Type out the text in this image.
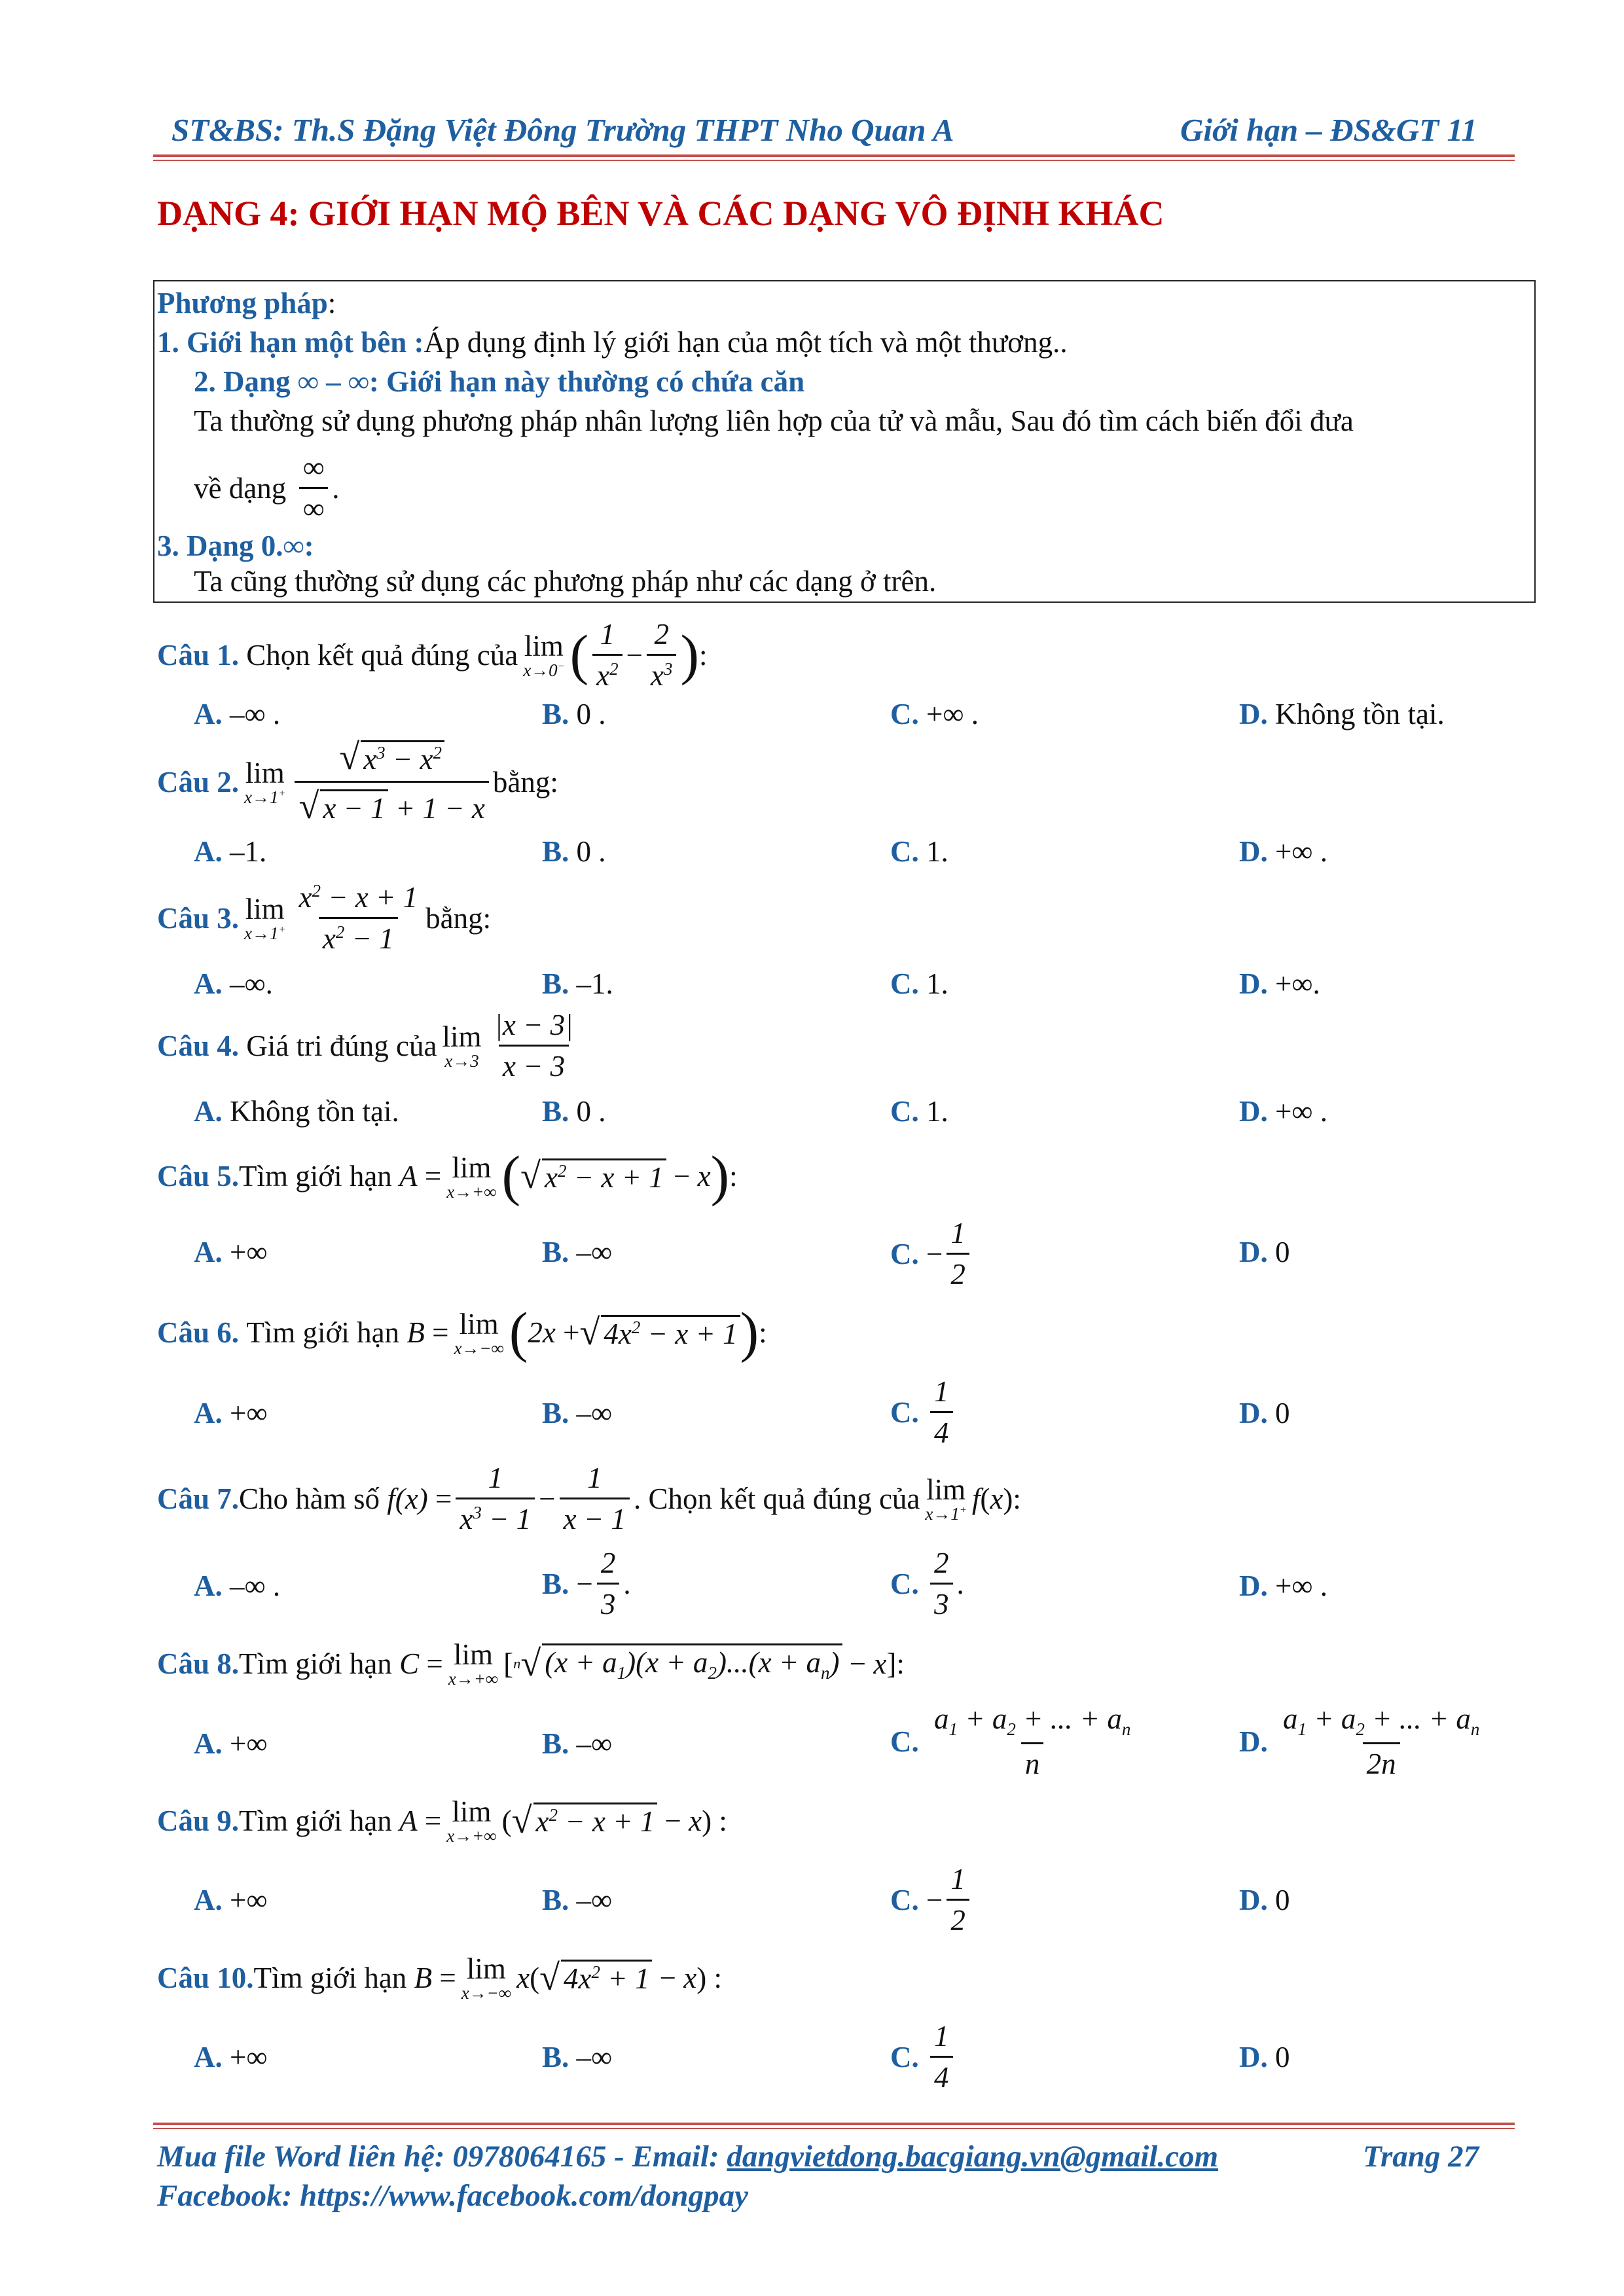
ST&BS: Th.S Đặng Việt Đông Trường THPT Nho Quan A	Giới hạn – ĐS&GT 11
DẠNG 4: GIỚI HẠN MỘ BÊN VÀ CÁC DẠNG VÔ ĐỊNH KHÁC
Phương pháp:
1. Giới hạn một bên :Áp dụng định lý giới hạn của một tích và một thương..
2. Dạng ∞ – ∞: Giới hạn này thường có chứa căn
Ta thường sử dụng phương pháp nhân lượng liên hợp của tử và mẫu, Sau đó tìm cách biến đổi đưa
về dạng $\frac{\infty}{\infty}$ .
3. Dạng 0.∞:
Ta cũng thường sử dụng các phương pháp như các dạng ở trên.
Câu 1.
Chọn kết quả đúng của lim
x→0− ( $\frac{1}{x^2} - \frac{2}{x^3}$ ) :
A.
–∞ .	B.
0 .	C.
+∞ .	D.
Không tồn tại.
Câu 2. lim
$x\to 1^+ \frac{√ x^3 - x^2}{√ x - 1 + 1 - x}$ bằng:
A.
–1.	B.
0 .	C.
1.	D.
+∞ .
Câu 3. lim
$x\to 1^+ \frac{x^2 - x + 1}{x^2 - 1}$ bằng:
A.
–∞.	B.
–1.	C.
1.	D.
+∞.
Câu 4.
Giá tri đúng của lim
$x\to 3 \frac{|x - 3|}{x - 3}$
A.
Không tồn tại.	B.
0 .	C.
1.	D.
+∞ .
Câu 5. Tìm giới hạn
A = lim
x→+∞ ( √ $x^2 - x + 1 - x$ ) :
A.
+∞	B.
–∞	C. − $\frac{1}{2}$	D.
0
Câu 6.
Tìm giới hạn
B = lim
x→−∞ ( 2x + √ $4x^2 - x + 1$ ) :
A.
+∞	B.
–∞	C.
$\frac{1}{4}$	D.
0
Câu 7. Cho hàm số
$f(x) = \frac{1}{x^3 - 1} - \frac{1}{x - 1}$ . Chọn kết quả đúng của lim
x→1+ f ( x ):
A.
–∞ .	B. − $\frac{2}{3}$ .	C.
$\frac{2}{3}$ .	D.
+∞ .
Câu 8. Tìm giới hạn
C = lim
x→+∞ [ n √ $(x + a_1)(x + a_2)...(x + a_n) - x$ ]:
A.
+∞	B.
–∞	C.
$\frac{a_1 + a_2 + ... + a_n}{n}$	D.
$\frac{a_1 + a_2 + ... + a_n}{2n}$
Câu 9. Tìm giới hạn
A = lim
x→+∞ ( √ $x^2 - x + 1 - x$ ) :
A.
+∞	B.
–∞	C. − $\frac{1}{2}$	D.
0
Câu 10. Tìm giới hạn
B = lim
x→−∞ x ( √ $4x^2 + 1 - x$ ) :
A.
+∞	B.
–∞	C.
$\frac{1}{4}$	D.
0
Mua file Word liên hệ: 0978064165 - Email: dangvietdong.bacgiang.vn@gmail.com	Trang 27
Facebook: https://www.facebook.com/dongpay
